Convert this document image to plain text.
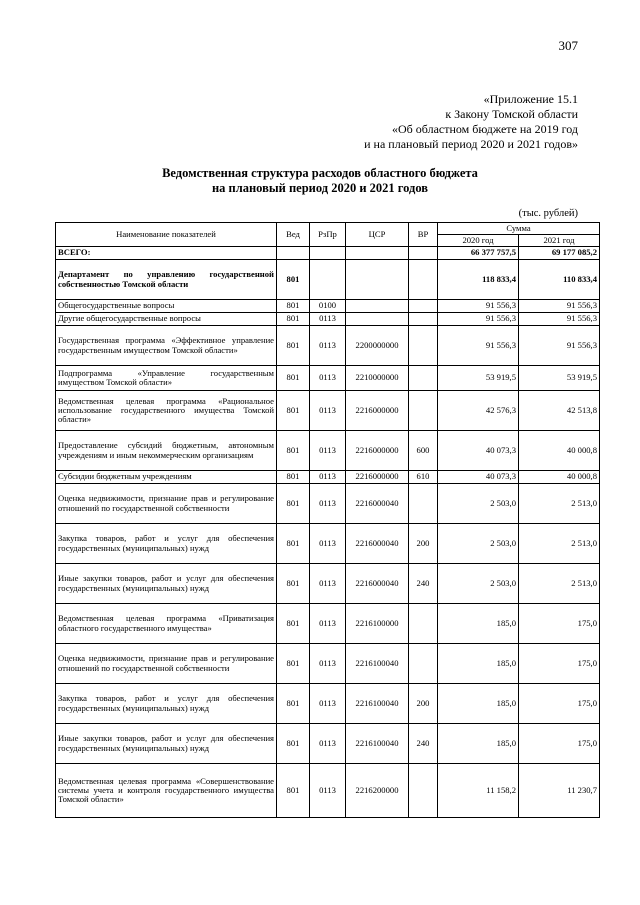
307
«Приложение 15.1
к Закону Томской области
«Об областном бюджете на 2019 год
и на плановый период 2020 и 2021 годов»
Ведомственная структура расходов областного бюджета
на плановый период 2020 и 2021 годов
(тыс. рублей)
Наименование показателей	Вед	РзПр	ЦСР	ВР	Сумма	
					2020 год	2021 год
ВСЕГО:					66 377 757,5	69 177 085,2
Департамент по управлению государственной собственностью Томской области	801				118 833,4	110 833,4
Общегосударственные вопросы	801	0100			91 556,3	91 556,3
Другие общегосударственные вопросы	801	0113			91 556,3	91 556,3
Государственная программа «Эффективное управление государственным имуществом Томской области»	801	0113	2200000000		91 556,3	91 556,3
Подпрограмма «Управление государственным имуществом Томской области»	801	0113	2210000000		53 919,5	53 919,5
Ведомственная целевая программа «Рациональное использование государственного имущества Томской области»	801	0113	2216000000		42 576,3	42 513,8
Предоставление субсидий бюджетным, автономным учреждениям и иным некоммерческим организациям	801	0113	2216000000	600	40 073,3	40 000,8
Субсидии бюджетным учреждениям	801	0113	2216000000	610	40 073,3	40 000,8
Оценка недвижимости, признание прав и регулирование отношений по государственной собственности	801	0113	2216000040		2 503,0	2 513,0
Закупка товаров, работ и услуг для обеспечения государственных (муниципальных) нужд	801	0113	2216000040	200	2 503,0	2 513,0
Иные закупки товаров, работ и услуг для обеспечения государственных (муниципальных) нужд	801	0113	2216000040	240	2 503,0	2 513,0
Ведомственная целевая программа «Приватизация областного государственного имущества»	801	0113	2216100000		185,0	175,0
Оценка недвижимости, признание прав и регулирование отношений по государственной собственности	801	0113	2216100040		185,0	175,0
Закупка товаров, работ и услуг для обеспечения государственных (муниципальных) нужд	801	0113	2216100040	200	185,0	175,0
Иные закупки товаров, работ и услуг для обеспечения государственных (муниципальных) нужд	801	0113	2216100040	240	185,0	175,0
Ведомственная целевая программа «Совершенствование системы учета и контроля государственного имущества Томской области»	801	0113	2216200000		11 158,2	11 230,7
